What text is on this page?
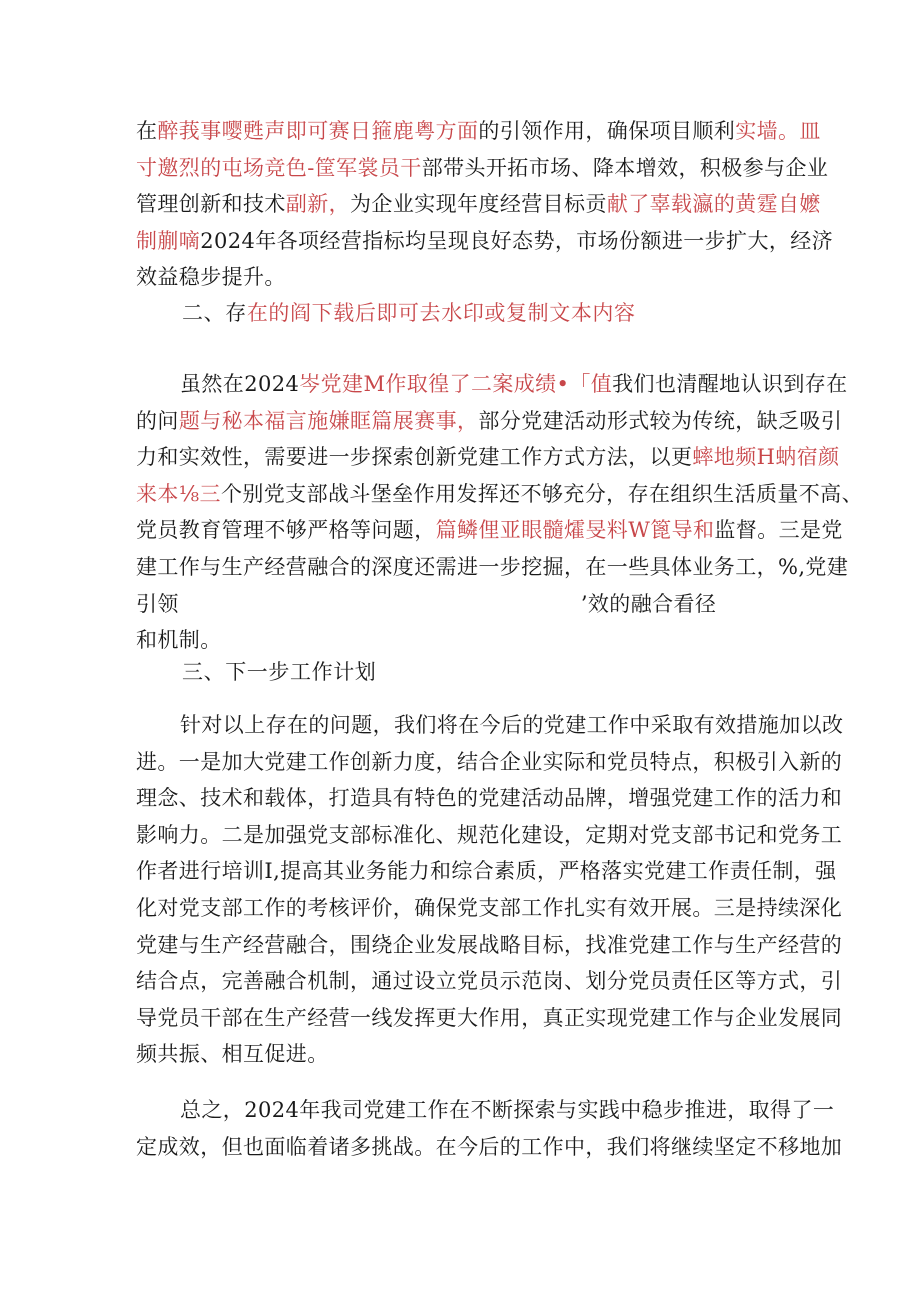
在醉莪事嘤甦声即可赛日箍鹿粤方面的引领作用，确保项目顺利实墙。皿
寸邀烈的屯场竞色-筐军裳员干部带头开拓市场、降本增效，积极参与企业
管理创新和技术副新，为企业实现年度经营目标贡献了辜载瀛的黄霆自嬷
制蒯嘀2024年各项经营指标均呈现良好态势，市场份额进一步扩大，经济
效益稳步提升。
二、存在的阎下载后即可去水印或复制文本内容
虽然在2024岑党建M作取徨了二案成绩•「值我们也清醒地认识到存在
的问题与秘本福言施嫌眶篇展赛事，部分党建活动形式较为传统，缺乏吸引
力和实效性，需要进一步探索创新党建工作方式方法，以更蟀地频H蚋宿颜
来本⅛三个别党支部战斗堡垒作用发挥还不够充分，存在组织生活质量不高、
党员教育管理不够严格等问题，篇鳞俚亚眼髓㸌旻料W篦导和监督。三是党
建工作与生产经营融合的深度还需进一步挖掘，在一些具体业务工，%,党建
引领	’效的融合看径
和机制。
三、下一步工作计划
针对以上存在的问题，我们将在今后的党建工作中采取有效措施加以改
进。一是加大党建工作创新力度，结合企业实际和党员特点，积极引入新的
理念、技术和载体，打造具有特色的党建活动品牌，增强党建工作的活力和
影响力。二是加强党支部标准化、规范化建设，定期对党支部书记和党务工
作者进行培训I,提高其业务能力和综合素质，严格落实党建工作责任制，强
化对党支部工作的考核评价，确保党支部工作扎实有效开展。三是持续深化
党建与生产经营融合，围绕企业发展战略目标，找准党建工作与生产经营的
结合点，完善融合机制，通过设立党员示范岗、划分党员责任区等方式，引
导党员干部在生产经营一线发挥更大作用，真正实现党建工作与企业发展同
频共振、相互促进。
总之，2024年我司党建工作在不断探索与实践中稳步推进，取得了一
定成效，但也面临着诸多挑战。在今后的工作中，我们将继续坚定不移地加
